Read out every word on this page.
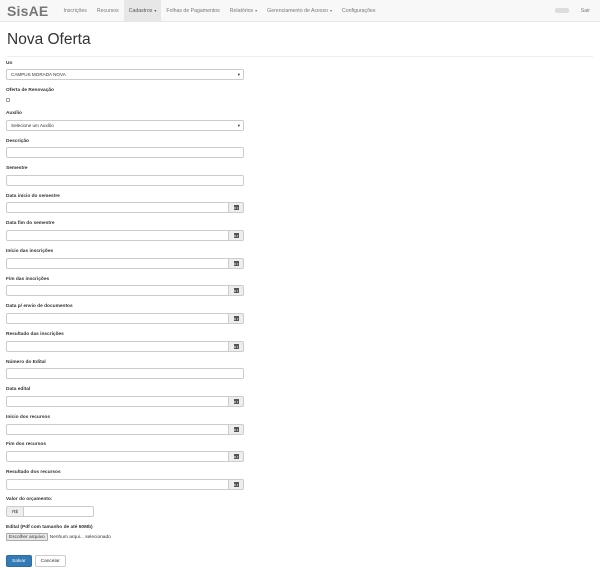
SisAE	Inscrições Recursos Cadastros ▾ Folhas de Pagamentos Relatórios ▾ Gerenciamento de Acesso ▾ Configurações	Sair
Nova Oferta
Uo
CAMPUS MORADA NOVA	▾
Oferta de Renovação
Auxílio
Selecione um Auxílio	▾
Descrição
Semestre
Data início do semestre
Data fim do semestre
Início das inscrições
Fim das inscrições
Data p/ envio de documentos
Resultado das inscrições
Número do Edital
Data edital
Início dos recursos
Fim dos recursos
Resultado dos recursos
Valor do orçamento:
R$
Edital (Pdf com tamanho de até 50Mb)
Escolher arquivo	Nenhum arqui... selecionado
Salvar	Cancelar
